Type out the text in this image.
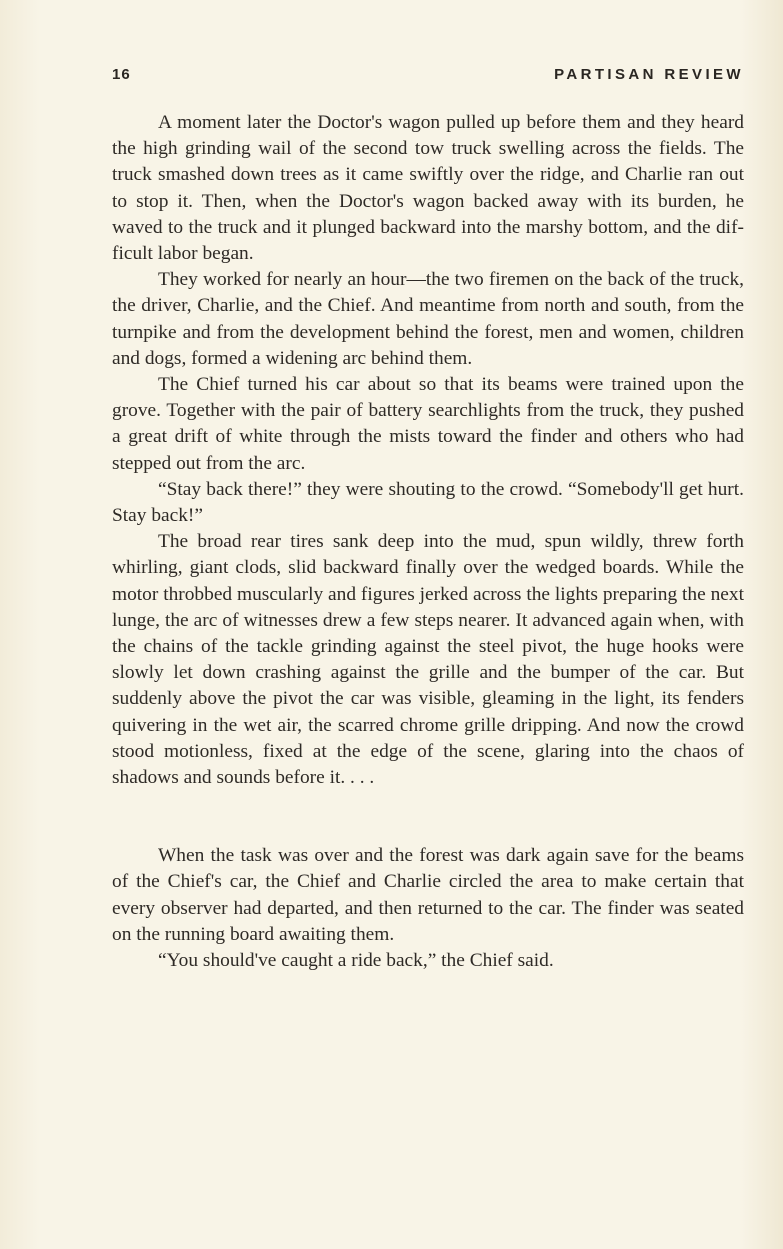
16	PARTISAN REVIEW

A moment later the Doctor's wagon pulled up before them and they heard the high grinding wail of the second tow truck swelling across the fields. The truck smashed down trees as it came swiftly over the ridge, and Charlie ran out to stop it. Then, when the Doctor's wagon backed away with its burden, he waved to the truck and it plunged backward into the marshy bottom, and the difficult labor began.

They worked for nearly an hour—the two firemen on the back of the truck, the driver, Charlie, and the Chief. And meantime from north and south, from the turnpike and from the development behind the forest, men and women, children and dogs, formed a widening arc behind them.

The Chief turned his car about so that its beams were trained upon the grove. Together with the pair of battery searchlights from the truck, they pushed a great drift of white through the mists toward the finder and others who had stepped out from the arc.

“Stay back there!” they were shouting to the crowd. “Somebody'll get hurt. Stay back!”

The broad rear tires sank deep into the mud, spun wildly, threw forth whirling, giant clods, slid backward finally over the wedged boards. While the motor throbbed muscularly and figures jerked across the lights preparing the next lunge, the arc of witnesses drew a few steps nearer. It advanced again when, with the chains of the tackle grinding against the steel pivot, the huge hooks were slowly let down crashing against the grille and the bumper of the car. But suddenly above the pivot the car was visible, gleaming in the light, its fenders quivering in the wet air, the scarred chrome grille dripping. And now the crowd stood motionless, fixed at the edge of the scene, glaring into the chaos of shadows and sounds before it. . . .

When the task was over and the forest was dark again save for the beams of the Chief's car, the Chief and Charlie circled the area to make certain that every observer had departed, and then returned to the car. The finder was seated on the running board awaiting them.

“You should've caught a ride back,” the Chief said.
